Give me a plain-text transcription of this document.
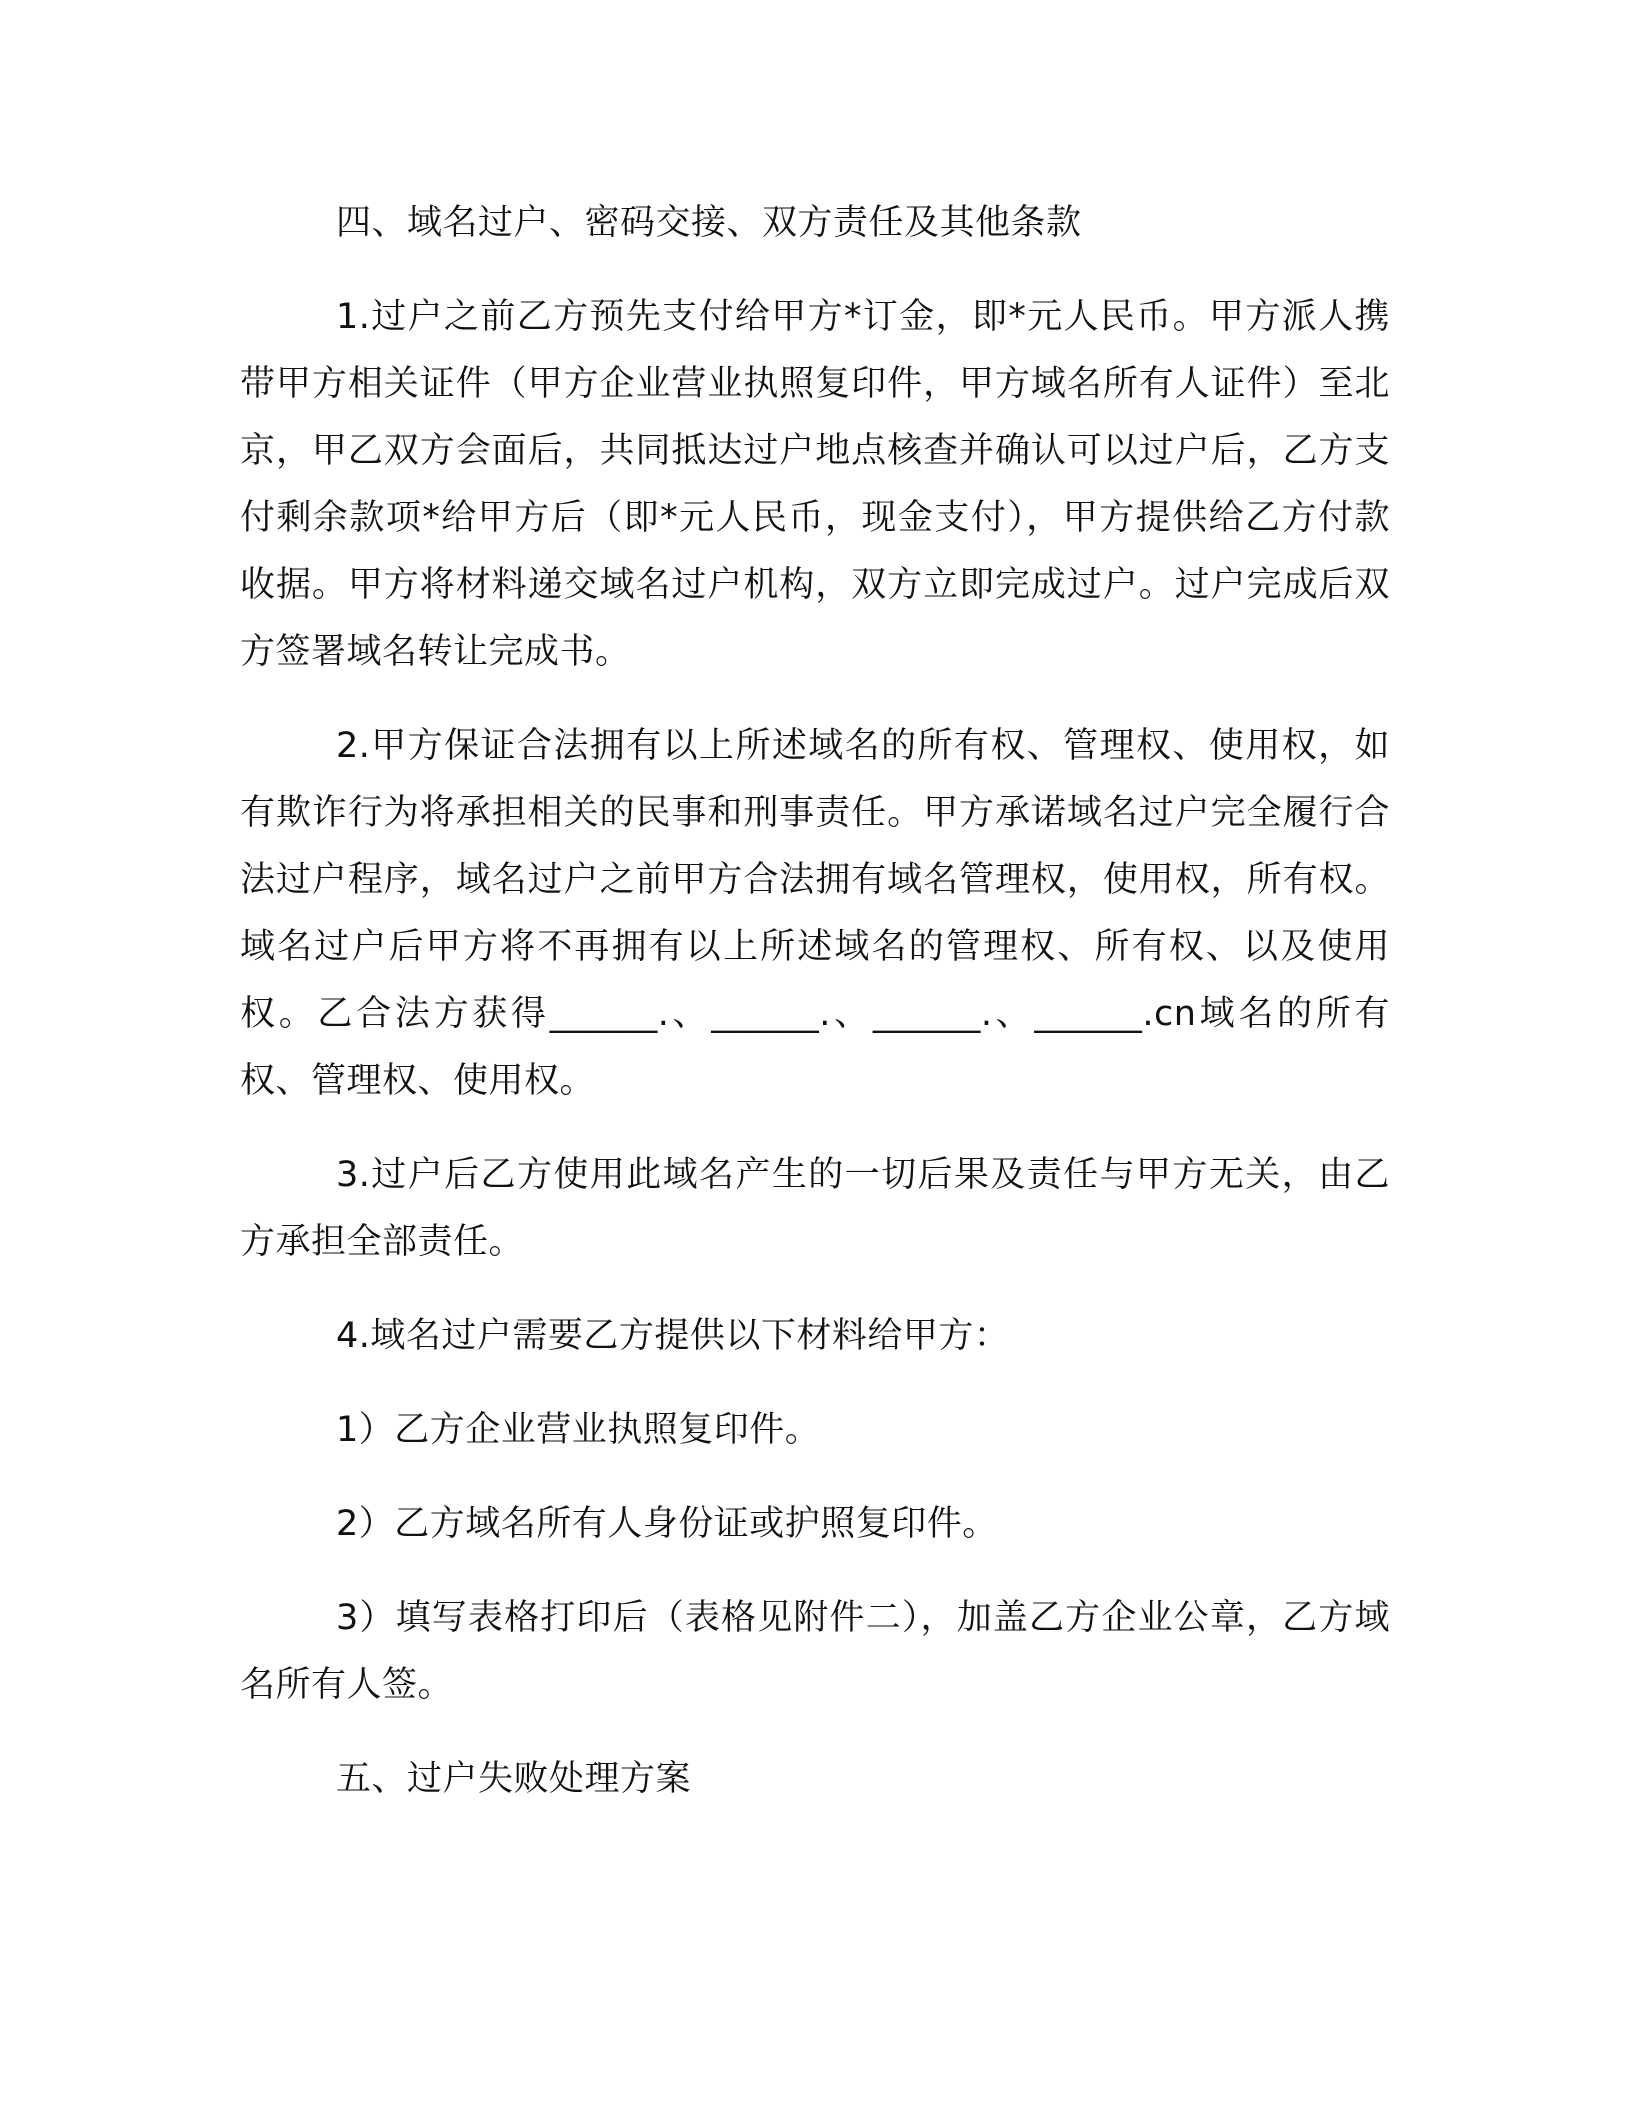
四、域名过户、密码交接、双方责任及其他条款

1.过户之前乙方预先支付给甲方*订金，即*元人民币。甲方派人携带甲方相关证件（甲方企业营业执照复印件，甲方域名所有人证件）至北京，甲乙双方会面后，共同抵达过户地点核查并确认可以过户后，乙方支付剩余款项*给甲方后（即*元人民币，现金支付），甲方提供给乙方付款收据。甲方将材料递交域名过户机构，双方立即完成过户。过户完成后双方签署域名转让完成书。

2.甲方保证合法拥有以上所述域名的所有权、管理权、使用权，如有欺诈行为将承担相关的民事和刑事责任。甲方承诺域名过户完全履行合法过户程序，域名过户之前甲方合法拥有域名管理权，使用权，所有权。域名过户后甲方将不再拥有以上所述域名的管理权、所有权、以及使用权。乙合法方获得______.、______.、______.、______.cn域名的所有权、管理权、使用权。

3.过户后乙方使用此域名产生的一切后果及责任与甲方无关，由乙方承担全部责任。

4.域名过户需要乙方提供以下材料给甲方：

1）乙方企业营业执照复印件。

2）乙方域名所有人身份证或护照复印件。

3）填写表格打印后（表格见附件二），加盖乙方企业公章，乙方域名所有人签。

五、过户失败处理方案
